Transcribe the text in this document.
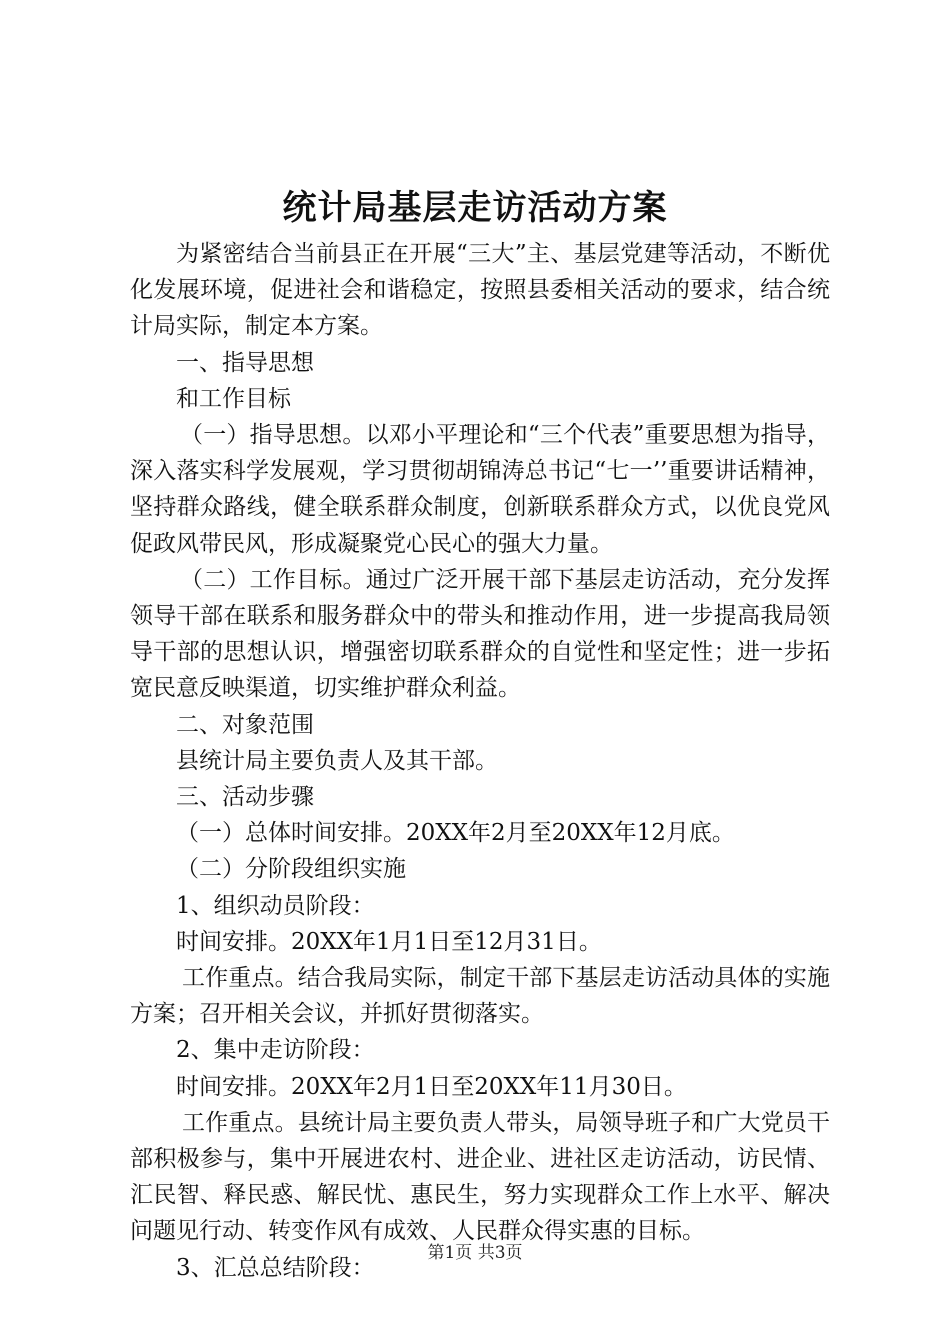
统计局基层走访活动方案

为紧密结合当前县正在开展“三大”主、基层党建等活动，不断优化发展环境，促进社会和谐稳定，按照县委相关活动的要求，结合统计局实际，制定本方案。

一、指导思想

和工作目标

（一）指导思想。以邓小平理论和“三个代表”重要思想为指导，深入落实科学发展观，学习贯彻胡锦涛总书记“七一’’重要讲话精神，坚持群众路线，健全联系群众制度，创新联系群众方式，以优良党风促政风带民风，形成凝聚党心民心的强大力量。

（二）工作目标。通过广泛开展干部下基层走访活动，充分发挥领导干部在联系和服务群众中的带头和推动作用，进一步提高我局领导干部的思想认识，增强密切联系群众的自觉性和坚定性；进一步拓宽民意反映渠道，切实维护群众利益。

二、对象范围

县统计局主要负责人及其干部。

三、活动步骤

（一）总体时间安排。20XX年2月至20XX年12月底。

（二）分阶段组织实施

1、组织动员阶段：

时间安排。20XX年1月1日至12月31日。

工作重点。结合我局实际，制定干部下基层走访活动具体的实施方案；召开相关会议，并抓好贯彻落实。

2、集中走访阶段：

时间安排。20XX年2月1日至20XX年11月30日。

工作重点。县统计局主要负责人带头，局领导班子和广大党员干部积极参与，集中开展进农村、进企业、进社区走访活动，访民情、汇民智、释民惑、解民忧、惠民生，努力实现群众工作上水平、解决问题见行动、转变作风有成效、人民群众得实惠的目标。

3、汇总总结阶段：

第1页 共3页
